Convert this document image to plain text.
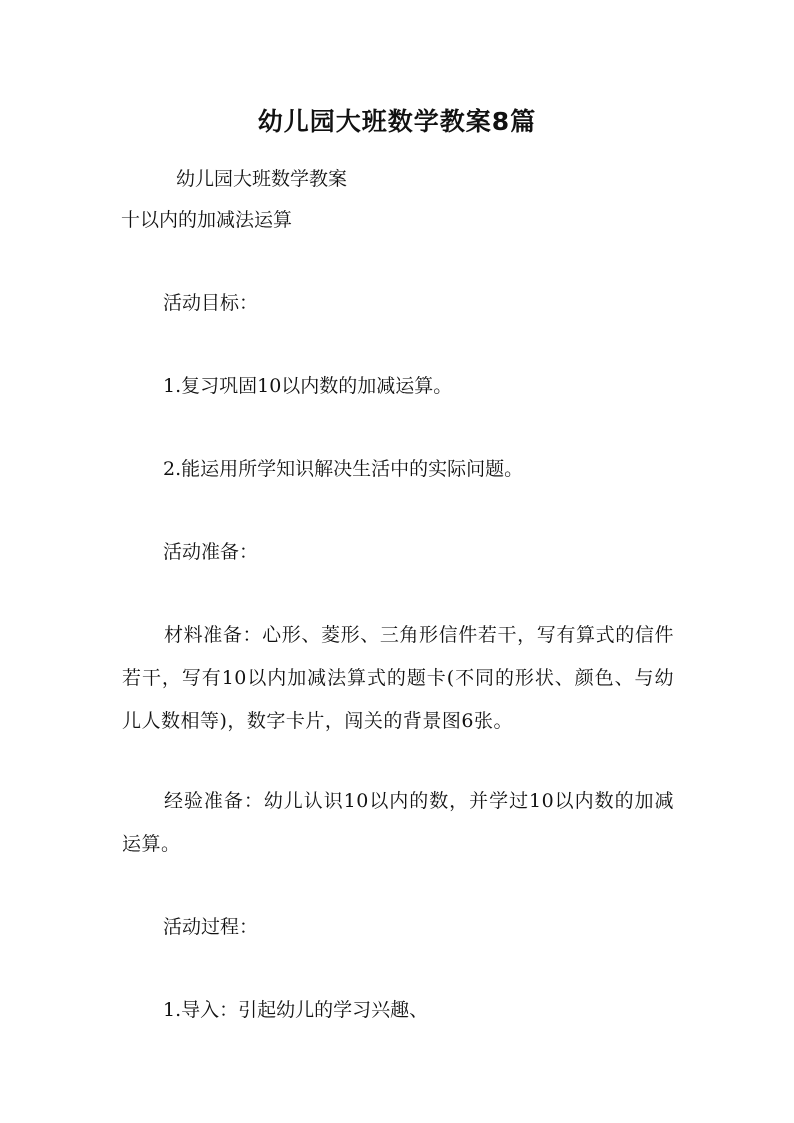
幼儿园大班数学教案8篇
幼儿园大班数学教案
十以内的加减法运算
活动目标：
1.复习巩固10以内数的加减运算。
2.能运用所学知识解决生活中的实际问题。
活动准备：
材料准备：心形、菱形、三角形信件若干，写有算式的信件若干，写有10以内加减法算式的题卡(不同的形状、颜色、与幼儿人数相等)，数字卡片，闯关的背景图6张。
经验准备：幼儿认识10以内的数，并学过10以内数的加减运算。
活动过程：
1.导入：引起幼儿的学习兴趣、
